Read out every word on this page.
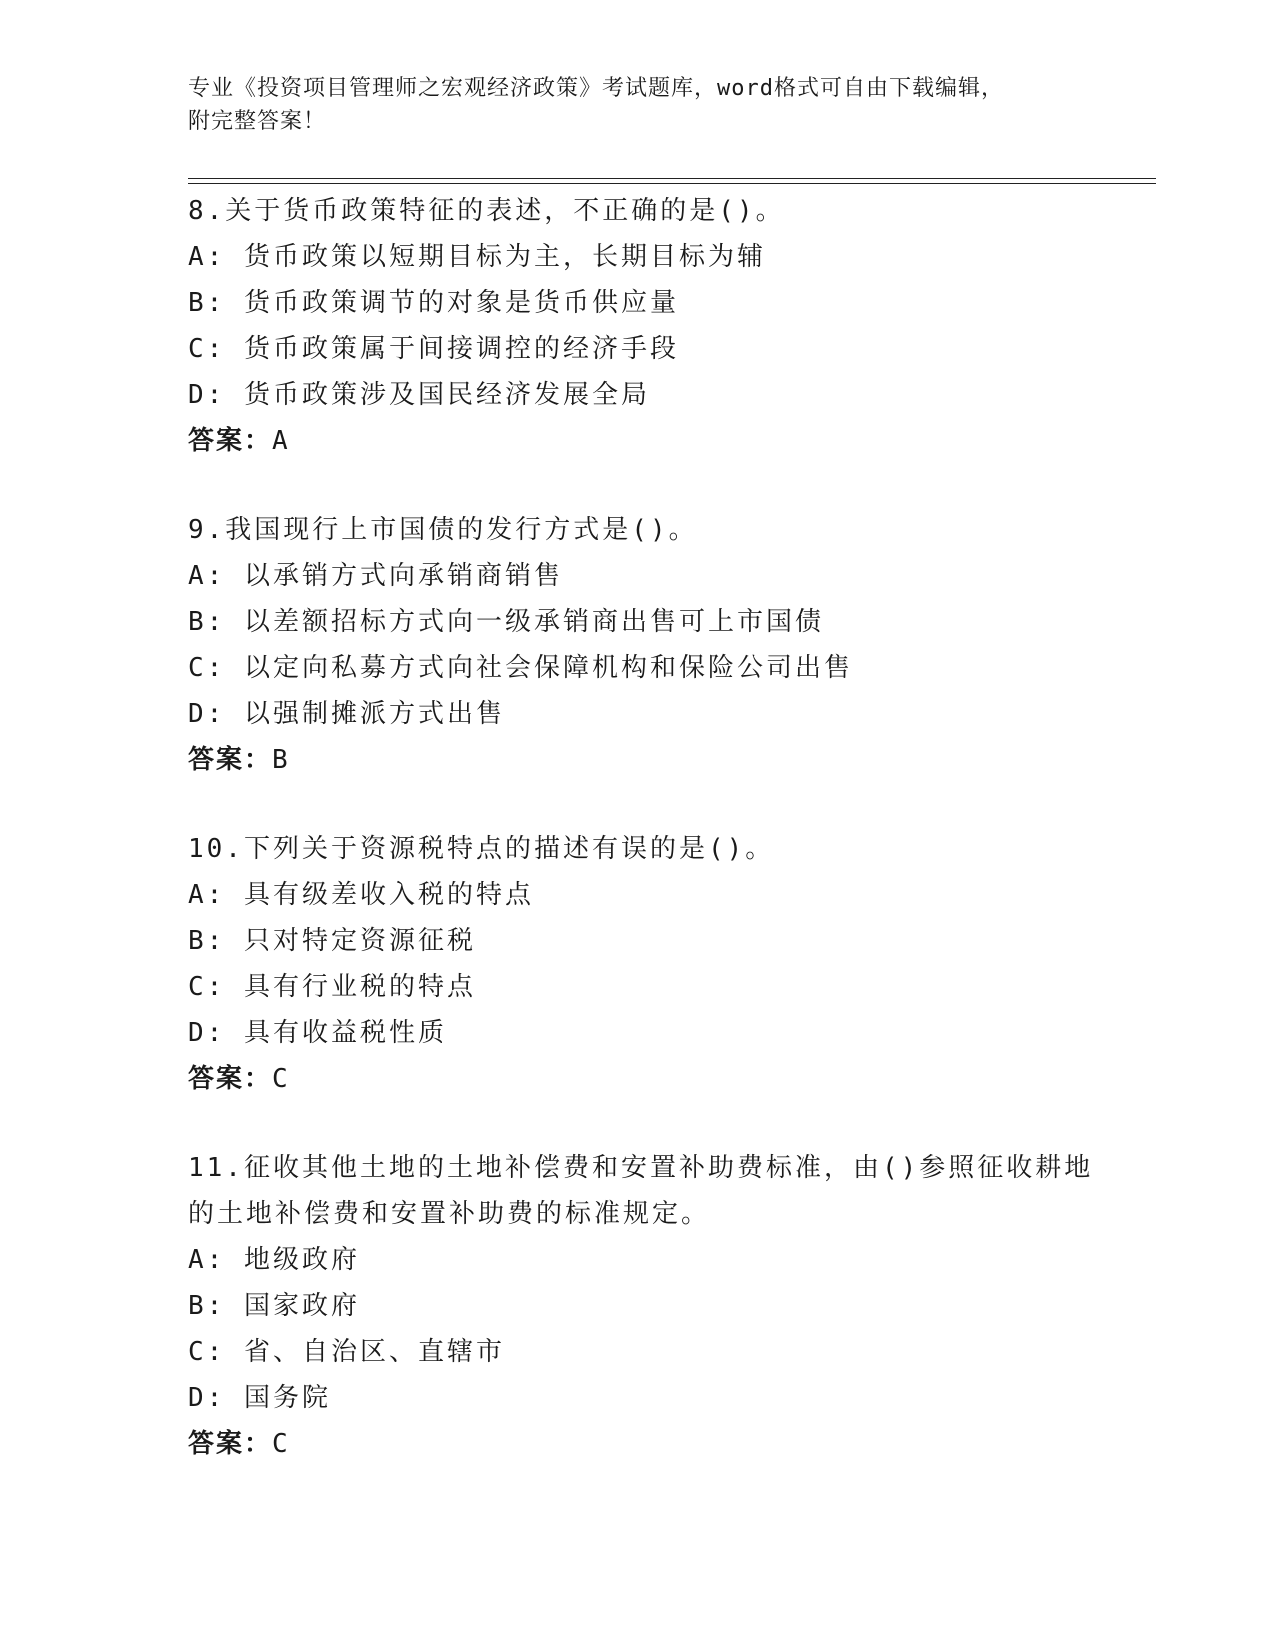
专业《投资项目管理师之宏观经济政策》考试题库，word格式可自由下载编辑，
附完整答案！
8.关于货币政策特征的表述，不正确的是()。
A: 货币政策以短期目标为主，长期目标为辅
B: 货币政策调节的对象是货币供应量
C: 货币政策属于间接调控的经济手段
D: 货币政策涉及国民经济发展全局
答案：A
9.我国现行上市国债的发行方式是()。
A: 以承销方式向承销商销售
B: 以差额招标方式向一级承销商出售可上市国债
C: 以定向私募方式向社会保障机构和保险公司出售
D: 以强制摊派方式出售
答案：B
10.下列关于资源税特点的描述有误的是()。
A: 具有级差收入税的特点
B: 只对特定资源征税
C: 具有行业税的特点
D: 具有收益税性质
答案：C
11.征收其他土地的土地补偿费和安置补助费标准，由()参照征收耕地
的土地补偿费和安置补助费的标准规定。
A: 地级政府
B: 国家政府
C: 省、自治区、直辖市
D: 国务院
答案：C
